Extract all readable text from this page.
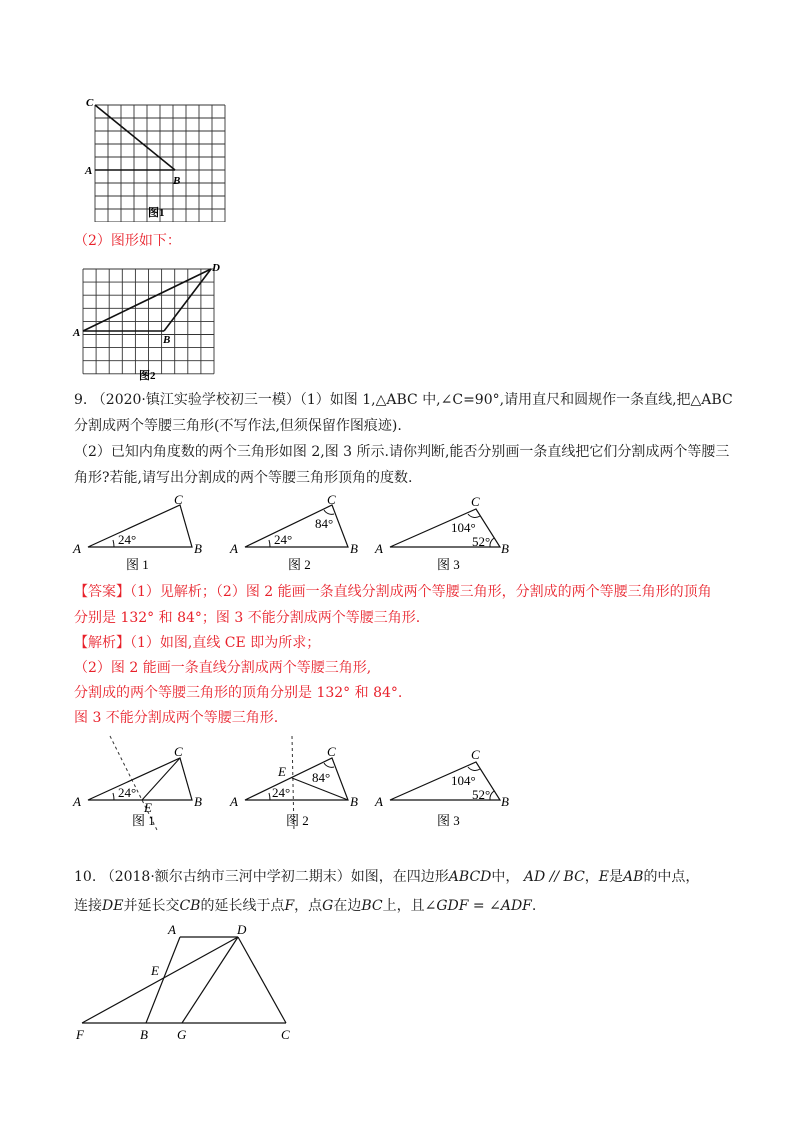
C
A
B
图1
（2）图形如下：
D
A
B
图2
9. （2020·镇江实验学校初三一模）（1）如图 1,△ABC 中,∠C=90°,请用直尺和圆规作一条直线,把△ABC
分割成两个等腰三角形(不写作法,但须保留作图痕迹).
（2）已知内角度数的两个三角形如图 2,图 3 所示.请你判断,能否分别画一条直线把它们分割成两个等腰三
角形?若能,请写出分割成的两个等腰三角形顶角的度数.
A	B
C
24°
图 1
A	B
C
24°
84°
图 2
A	B
C
104°
52°
图 3
【答案】（1）见解析；（2）图 2 能画一条直线分割成两个等腰三角形，分割成的两个等腰三角形的顶角
分别是 132° 和 84°；图 3 不能分割成两个等腰三角形.
【解析】（1）如图,直线 CE 即为所求；
（2）图 2 能画一条直线分割成两个等腰三角形,
分割成的两个等腰三角形的顶角分别是 132° 和 84°.
图 3 不能分割成两个等腰三角形.
A	B
C
E
24°
图 1
A	B
C
E
24°
84°
图 2
A	B
C
104°
52°
图 3
10. （2018·额尔古纳市三河中学初二期末）如图，在四边形ABCD中， AD // BC，E是AB的中点，
连接DE并延长交CB的延长线于点F，点G在边BC上，且∠GDF = ∠ADF.
A	D
E
F	B G	C
